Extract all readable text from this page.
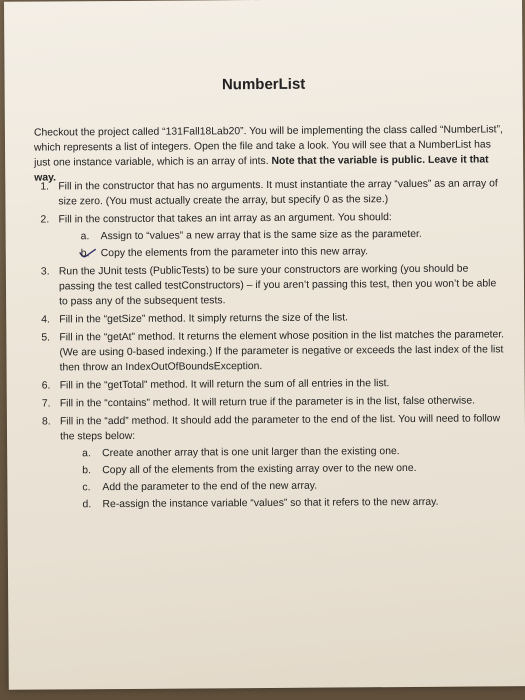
NumberList
Checkout the project called “131Fall18Lab20”. You will be implementing the class called “NumberList”, which represents a list of integers. Open the file and take a look. You will see that a NumberList has just one instance variable, which is an array of ints. Note that the variable is public. Leave it that way.
1. Fill in the constructor that has no arguments. It must instantiate the array “values” as an array of size zero. (You must actually create the array, but specify 0 as the size.)
2. Fill in the constructor that takes an int array as an argument. You should:
a. Assign to “values” a new array that is the same size as the parameter.
b. Copy the elements from the parameter into this new array.
3. Run the JUnit tests (PublicTests) to be sure your constructors are working (you should be passing the test called testConstructors) – if you aren’t passing this test, then you won’t be able to pass any of the subsequent tests.
4. Fill in the “getSize” method. It simply returns the size of the list.
5. Fill in the “getAt” method. It returns the element whose position in the list matches the parameter. (We are using 0-based indexing.) If the parameter is negative or exceeds the last index of the list then throw an IndexOutOfBoundsException.
6. Fill in the “getTotal” method. It will return the sum of all entries in the list.
7. Fill in the “contains” method. It will return true if the parameter is in the list, false otherwise.
8. Fill in the “add” method. It should add the parameter to the end of the list. You will need to follow the steps below:
a. Create another array that is one unit larger than the existing one.
b. Copy all of the elements from the existing array over to the new one.
c. Add the parameter to the end of the new array.
d. Re-assign the instance variable “values” so that it refers to the new array.
